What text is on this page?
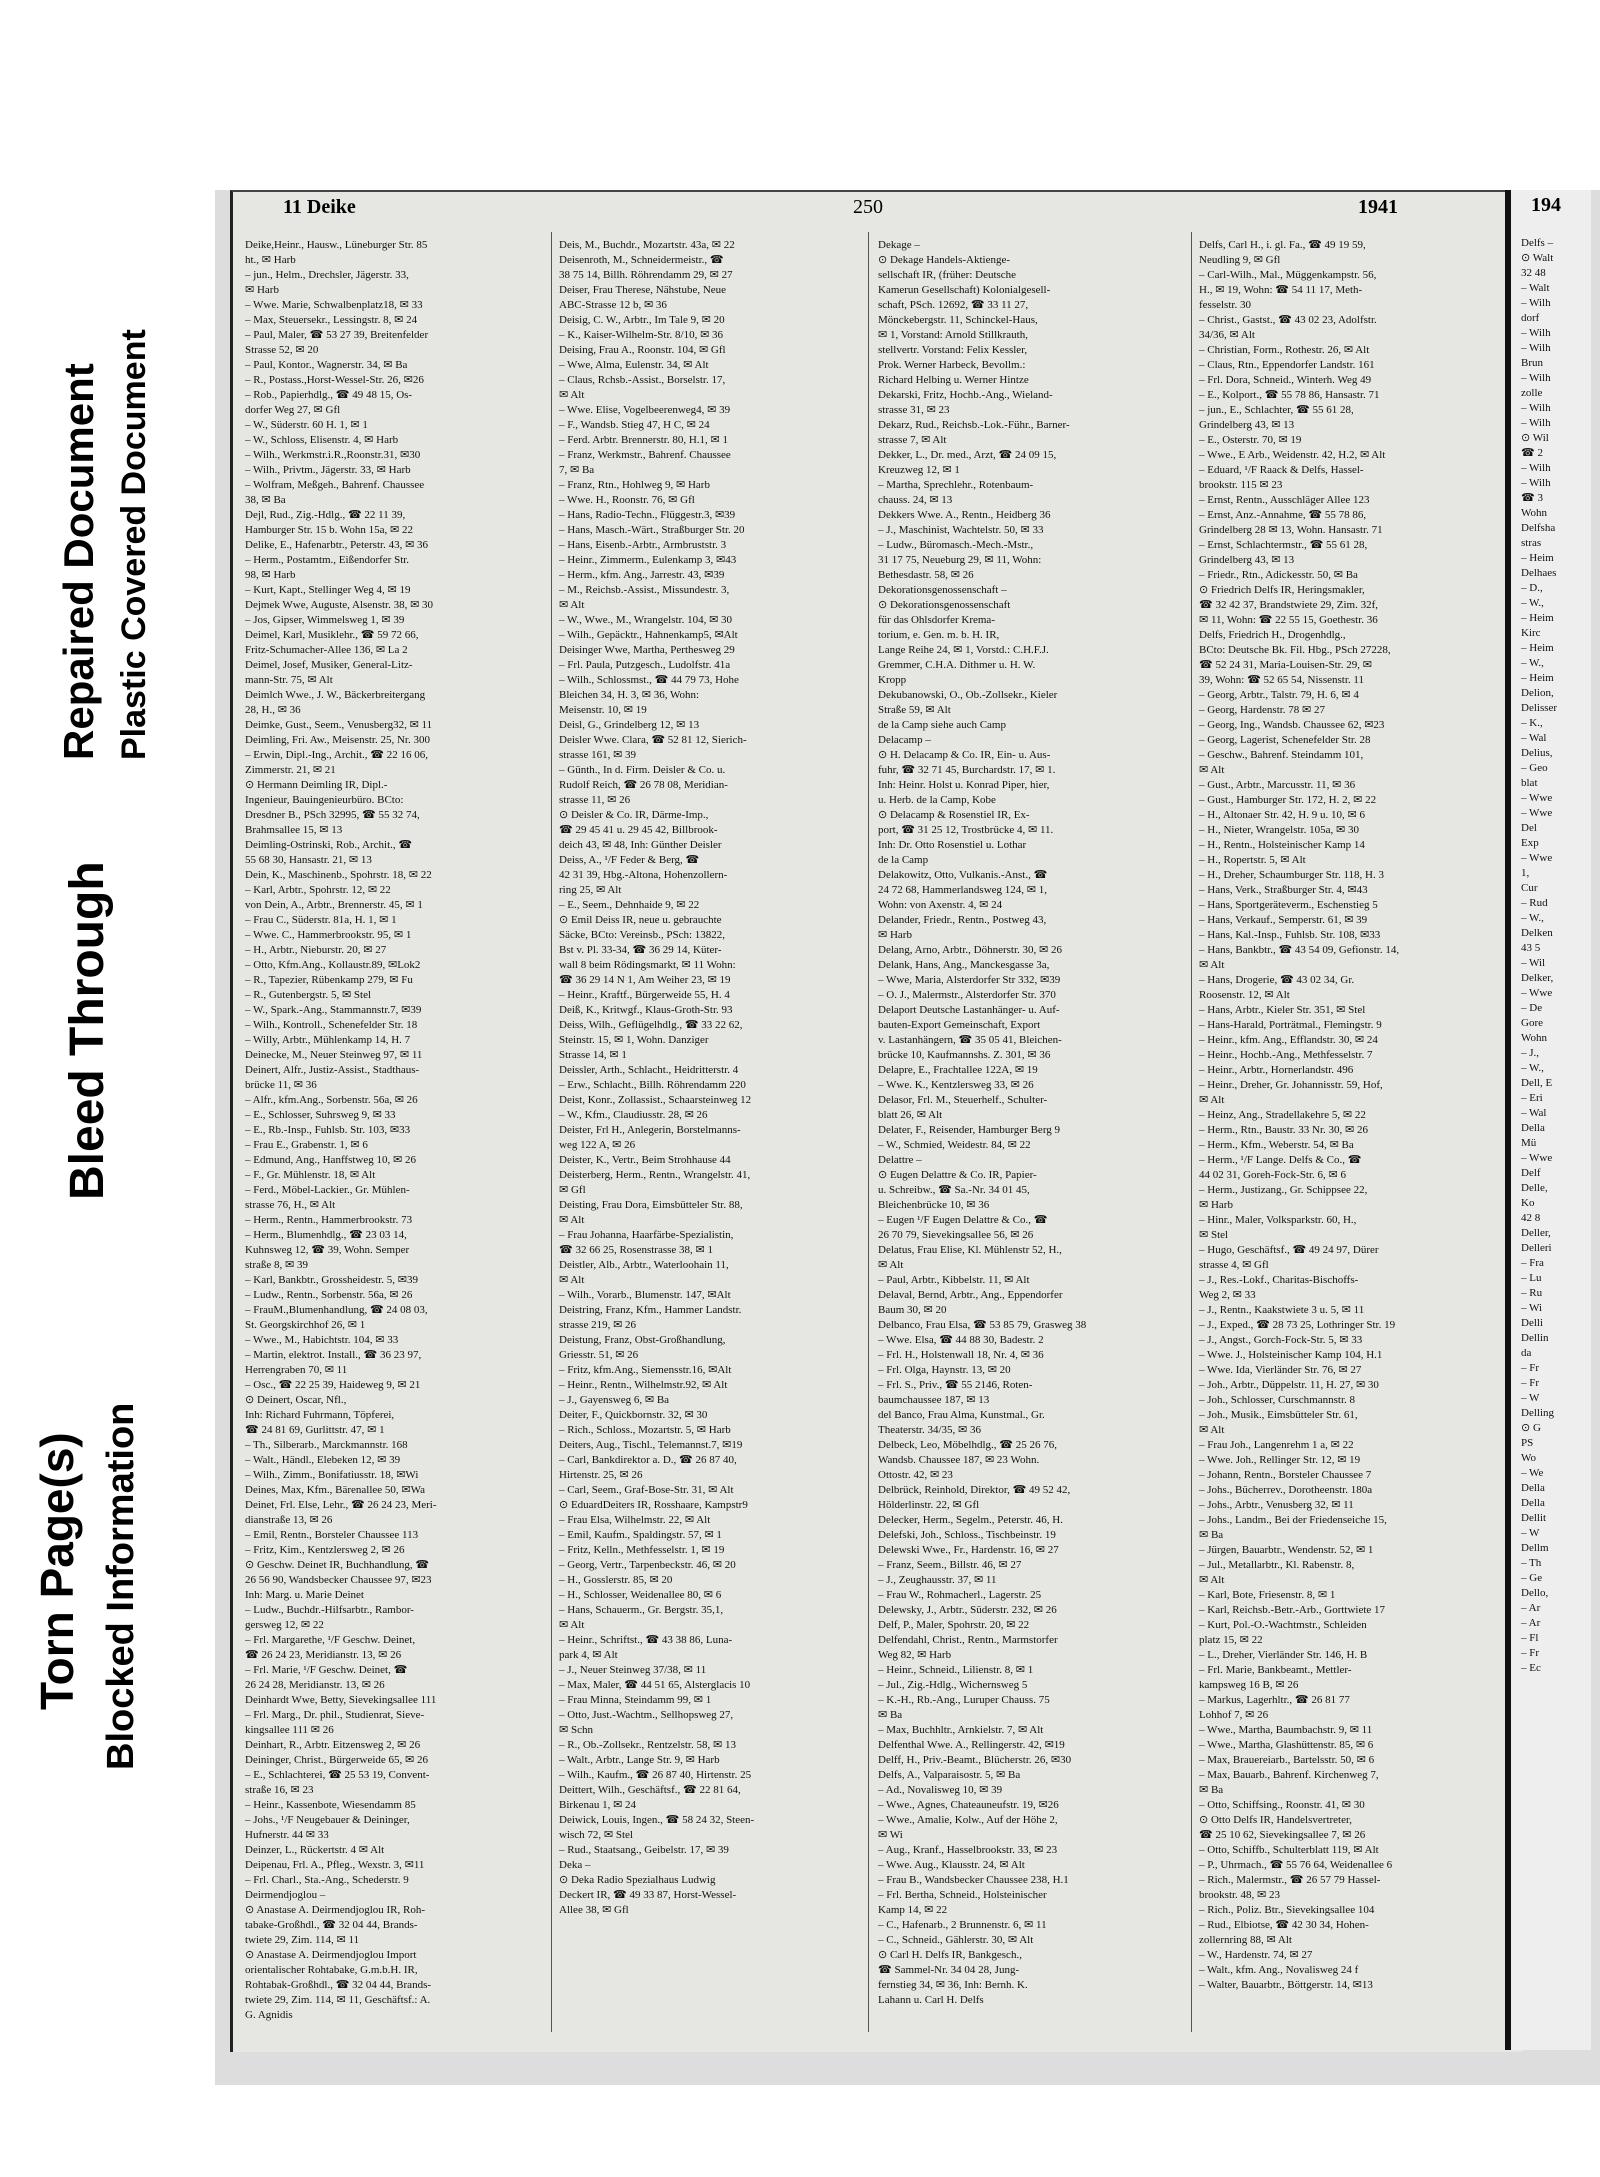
Torn Page(s) Blocked Information
Bleed Through
Repaired Document Plastic Covered Document
11 Deike	250	1941

Deike,Heinr., Hausw., Lüneburger Str. 85

ht., ✉ Harb

– jun., Helm., Drechsler, Jägerstr. 33,

✉ Harb

– Wwe. Marie, Schwalbenplatz18, ✉ 33

– Max, Steuersekr., Lessingstr. 8, ✉ 24

– Paul, Maler, ☎ 53 27 39, Breitenfelder

Strasse 52, ✉ 20

– Paul, Kontor., Wagnerstr. 34, ✉ Ba

– R., Postass.,Horst-Wessel-Str. 26, ✉26

– Rob., Papierhdlg., ☎ 49 48 15, Os-

dorfer Weg 27, ✉ Gfl

– W., Süderstr. 60 H. 1, ✉ 1

– W., Schloss, Elisenstr. 4, ✉ Harb

– Wilh., Werkmstr.i.R.,Roonstr.31, ✉30

– Wilh., Privtm., Jägerstr. 33, ✉ Harb

– Wolfram, Meßgeh., Bahrenf. Chaussee

38, ✉ Ba

Dejl, Rud., Zig.-Hdlg., ☎ 22 11 39,

Hamburger Str. 15 b. Wohn 15a, ✉ 22

Delike, E., Hafenarbtr., Peterstr. 43, ✉ 36

– Herm., Postamtm., Eißendorfer Str.

98, ✉ Harb

– Kurt, Kapt., Stellinger Weg 4, ✉ 19

Dejmek Wwe, Auguste, Alsenstr. 38, ✉ 30

– Jos, Gipser, Wimmelsweg 1, ✉ 39

Deimel, Karl, Musiklehr., ☎ 59 72 66,

Fritz-Schumacher-Allee 136, ✉ La 2

Deimel, Josef, Musiker, General-Litz-

mann-Str. 75, ✉ Alt

Deimlch Wwe., J. W., Bäckerbreitergang

28, H., ✉ 36

Deimke, Gust., Seem., Venusberg32, ✉ 11

Deimling, Fri. Aw., Meisenstr. 25, Nr. 300

– Erwin, Dipl.-Ing., Archit., ☎ 22 16 06,

Zimmerstr. 21, ✉ 21

⊙ Hermann Deimling IR, Dipl.-

Ingenieur, Bauingenieurbüro. BCto:

Dresdner B., PSch 32995, ☎ 55 32 74,

Brahmsallee 15, ✉ 13

Deimling-Ostrinski, Rob., Archit., ☎

55 68 30, Hansastr. 21, ✉ 13

Dein, K., Maschinenb., Spohrstr. 18, ✉ 22

– Karl, Arbtr., Spohrstr. 12, ✉ 22

von Dein, A., Arbtr., Brennerstr. 45, ✉ 1

– Frau C., Süderstr. 81a, H. 1, ✉ 1

– Wwe. C., Hammerbrookstr. 95, ✉ 1

– H., Arbtr., Nieburstr. 20, ✉ 27

– Otto, Kfm.Ang., Kollaustr.89, ✉Lok2

– R., Tapezier, Rübenkamp 279, ✉ Fu

– R., Gutenbergstr. 5, ✉ Stel

– W., Spark.-Ang., Stammannstr.7, ✉39

– Wilh., Kontroll., Schenefelder Str. 18

– Willy, Arbtr., Mühlenkamp 14, H. 7

Deinecke, M., Neuer Steinweg 97, ✉ 11

Deinert, Alfr., Justiz-Assist., Stadthaus-

brücke 11, ✉ 36

– Alfr., kfm.Ang., Sorbenstr. 56a, ✉ 26

– E., Schlosser, Suhrsweg 9, ✉ 33

– E., Rb.-Insp., Fuhlsb. Str. 103, ✉33

– Frau E., Grabenstr. 1, ✉ 6

– Edmund, Ang., Hanffstweg 10, ✉ 26

– F., Gr. Mühlenstr. 18, ✉ Alt

– Ferd., Möbel-Lackier., Gr. Mühlen-

strasse 76, H., ✉ Alt

– Herm., Rentn., Hammerbrookstr. 73

– Herm., Blumenhdlg., ☎ 23 03 14,

Kuhnsweg 12, ☎ 39, Wohn. Semper

straße 8, ✉ 39

– Karl, Bankbtr., Grossheidestr. 5, ✉39

– Ludw., Rentn., Sorbenstr. 56a, ✉ 26

– FrauM.,Blumenhandlung, ☎ 24 08 03,

St. Georgskirchhof 26, ✉ 1

– Wwe., M., Habichtstr. 104, ✉ 33

– Martin, elektrot. Install., ☎ 36 23 97,

Herrengraben 70, ✉ 11

– Osc., ☎ 22 25 39, Haideweg 9, ✉ 21

⊙ Deinert, Oscar, Nfl.,

Inh: Richard Fuhrmann, Töpferei,

☎ 24 81 69, Gurlittstr. 47, ✉ 1

– Th., Silberarb., Marckmannstr. 168

– Walt., Händl., Elebeken 12, ✉ 39

– Wilh., Zimm., Bonifatiusstr. 18, ✉Wi

Deines, Max, Kfm., Bärenallee 50, ✉Wa

Deinet, Frl. Else, Lehr., ☎ 26 24 23, Meri-

dianstraße 13, ✉ 26

– Emil, Rentn., Borsteler Chaussee 113

– Fritz, Kim., Kentzlersweg 2, ✉ 26

⊙ Geschw. Deinet IR, Buchhandlung, ☎

26 56 90, Wandsbecker Chaussee 97, ✉23

Inh: Marg. u. Marie Deinet

– Ludw., Buchdr.-Hilfsarbtr., Rambor-

gersweg 12, ✉ 22

– Frl. Margarethe, ¹/F Geschw. Deinet,

☎ 26 24 23, Meridianstr. 13, ✉ 26

– Frl. Marie, ¹/F Geschw. Deinet, ☎

26 24 28, Meridianstr. 13, ✉ 26

Deinhardt Wwe, Betty, Sievekingsallee 111

– Frl. Marg., Dr. phil., Studienrat, Sieve-

kingsallee 111 ✉ 26

Deinhart, R., Arbtr. Eitzensweg 2, ✉ 26

Deininger, Christ., Bürgerweide 65, ✉ 26

– E., Schlachterei, ☎ 25 53 19, Convent-

straße 16, ✉ 23

– Heinr., Kassenbote, Wiesendamm 85

– Johs., ¹/F Neugebauer & Deininger,

Hufnerstr. 44 ✉ 33

Deinzer, L., Rückertstr. 4 ✉ Alt

Deipenau, Frl. A., Pfleg., Wexstr. 3, ✉11

– Frl. Charl., Sta.-Ang., Schederstr. 9

Deirmendjoglou –

⊙ Anastase A. Deirmendjoglou IR, Roh-

tabake-Großhdl., ☎ 32 04 44, Brands-

twiete 29, Zim. 114, ✉ 11

⊙ Anastase A. Deirmendjoglou Import

orientalischer Rohtabake, G.m.b.H. IR,

Rohtabak-Großhdl., ☎ 32 04 44, Brands-

twiete 29, Zim. 114, ✉ 11, Geschäftsf.: A.

G. Agnidis

Deis, M., Buchdr., Mozartstr. 43a, ✉ 22

Deisenroth, M., Schneidermeistr., ☎

38 75 14, Billh. Röhrendamm 29, ✉ 27

Deiser, Frau Therese, Nähstube, Neue

ABC-Strasse 12 b, ✉ 36

Deisig, C. W., Arbtr., Im Tale 9, ✉ 20

– K., Kaiser-Wilhelm-Str. 8/10, ✉ 36

Deising, Frau A., Roonstr. 104, ✉ Gfl

– Wwe, Alma, Eulenstr. 34, ✉ Alt

– Claus, Rchsb.-Assist., Borselstr. 17,

✉ Alt

– Wwe. Elise, Vogelbeerenweg4, ✉ 39

– F., Wandsb. Stieg 47, H C, ✉ 24

– Ferd. Arbtr. Brennerstr. 80, H.1, ✉ 1

– Franz, Werkmstr., Bahrenf. Chaussee

7, ✉ Ba

– Franz, Rtn., Hohlweg 9, ✉ Harb

– Wwe. H., Roonstr. 76, ✉ Gfl

– Hans, Radio-Techn., Flüggestr.3, ✉39

– Hans, Masch.-Wärt., Straßburger Str. 20

– Hans, Eisenb.-Arbtr., Armbruststr. 3

– Heinr., Zimmerm., Eulenkamp 3, ✉43

– Herm., kfm. Ang., Jarrestr. 43, ✉39

– M., Reichsb.-Assist., Missundestr. 3,

✉ Alt

– W., Wwe., M., Wrangelstr. 104, ✉ 30

– Wilh., Gepäcktr., Hahnenkamp5, ✉Alt

Deisinger Wwe, Martha, Perthesweg 29

– Frl. Paula, Putzgesch., Ludolfstr. 41a

– Wilh., Schlossmst., ☎ 44 79 73, Hohe

Bleichen 34, H. 3, ✉ 36, Wohn:

Meisenstr. 10, ✉ 19

Deisl, G., Grindelberg 12, ✉ 13

Deisler Wwe. Clara, ☎ 52 81 12, Sierich-

strasse 161, ✉ 39

– Günth., In d. Firm. Deisler & Co. u.

Rudolf Reich, ☎ 26 78 08, Meridian-

strasse 11, ✉ 26

⊙ Deisler & Co. IR, Därme-Imp.,

☎ 29 45 41 u. 29 45 42, Billbrook-

deich 43, ✉ 48, Inh: Günther Deisler

Deiss, A., ¹/F Feder & Berg, ☎

42 31 39, Hbg.-Altona, Hohenzollern-

ring 25, ✉ Alt

– E., Seem., Dehnhaide 9, ✉ 22

⊙ Emil Deiss IR, neue u. gebrauchte

Säcke, BCto: Vereinsb., PSch: 13822,

Bst v. Pl. 33-34, ☎ 36 29 14, Küter-

wall 8 beim Rödingsmarkt, ✉ 11 Wohn:

☎ 36 29 14 N 1, Am Weiher 23, ✉ 19

– Heinr., Kraftf., Bürgerweide 55, H. 4

Deiß, K., Kritwgf., Klaus-Groth-Str. 93

Deiss, Wilh., Geflügelhdlg., ☎ 33 22 62,

Steinstr. 15, ✉ 1, Wohn. Danziger

Strasse 14, ✉ 1

Deissler, Arth., Schlacht., Heidritterstr. 4

– Erw., Schlacht., Billh. Röhrendamm 220

Deist, Konr., Zollassist., Schaarsteinweg 12

– W., Kfm., Claudiusstr. 28, ✉ 26

Deister, Frl H., Anlegerin, Borstelmanns-

weg 122 A, ✉ 26

Deister, K., Vertr., Beim Strohhause 44

Deisterberg, Herm., Rentn., Wrangelstr. 41,

✉ Gfl

Deisting, Frau Dora, Eimsbütteler Str. 88,

✉ Alt

– Frau Johanna, Haarfärbe-Spezialistin,

☎ 32 66 25, Rosenstrasse 38, ✉ 1

Deistler, Alb., Arbtr., Waterloohain 11,

✉ Alt

– Wilh., Vorarb., Blumenstr. 147, ✉Alt

Deistring, Franz, Kfm., Hammer Landstr.

strasse 219, ✉ 26

Deistung, Franz, Obst-Großhandlung,

Griesstr. 51, ✉ 26

– Fritz, kfm.Ang., Siemensstr.16, ✉Alt

– Heinr., Rentn., Wilhelmstr.92, ✉ Alt

– J., Gayensweg 6, ✉ Ba

Deiter, F., Quickbornstr. 32, ✉ 30

– Rich., Schloss., Mozartstr. 5, ✉ Harb

Deiters, Aug., Tischl., Telemannst.7, ✉19

– Carl, Bankdirektor a. D., ☎ 26 87 40,

Hirtenstr. 25, ✉ 26

– Carl, Seem., Graf-Bose-Str. 31, ✉ Alt

⊙ EduardDeiters IR, Rosshaare, Kampstr9

– Frau Elsa, Wilhelmstr. 22, ✉ Alt

– Emil, Kaufm., Spaldingstr. 57, ✉ 1

– Fritz, Kelln., Methfesselstr. 1, ✉ 19

– Georg, Vertr., Tarpenbeckstr. 46, ✉ 20

– H., Gosslerstr. 85, ✉ 20

– H., Schlosser, Weidenallee 80, ✉ 6

– Hans, Schauerm., Gr. Bergstr. 35,1,

✉ Alt

– Heinr., Schriftst., ☎ 43 38 86, Luna-

park 4, ✉ Alt

– J., Neuer Steinweg 37/38, ✉ 11

– Max, Maler, ☎ 44 51 65, Alsterglacis 10

– Frau Minna, Steindamm 99, ✉ 1

– Otto, Just.-Wachtm., Sellhopsweg 27,

✉ Schn

– R., Ob.-Zollsekr., Rentzelstr. 58, ✉ 13

– Walt., Arbtr., Lange Str. 9, ✉ Harb

– Wilh., Kaufm., ☎ 26 87 40, Hirtenstr. 25

Deittert, Wilh., Geschäftsf., ☎ 22 81 64,

Birkenau 1, ✉ 24

Deiwick, Louis, Ingen., ☎ 58 24 32, Steen-

wisch 72, ✉ Stel

– Rud., Staatsang., Geibelstr. 17, ✉ 39

Deka –

⊙ Deka Radio Spezialhaus Ludwig

Deckert IR, ☎ 49 33 87, Horst-Wessel-

Allee 38, ✉ Gfl

Dekage –

⊙ Dekage Handels-Aktienge-

sellschaft IR, (früher: Deutsche

Kamerun Gesellschaft) Kolonialgesell-

schaft, PSch. 12692, ☎ 33 11 27,

Mönckebergstr. 11, Schinckel-Haus,

✉ 1, Vorstand: Arnold Stillkrauth,

stellvertr. Vorstand: Felix Kessler,

Prok. Werner Harbeck, Bevollm.:

Richard Helbing u. Werner Hintze

Dekarski, Fritz, Hochb.-Ang., Wieland-

strasse 31, ✉ 23

Dekarz, Rud., Reichsb.-Lok.-Führ., Barner-

strasse 7, ✉ Alt

Dekker, L., Dr. med., Arzt, ☎ 24 09 15,

Kreuzweg 12, ✉ 1

– Martha, Sprechlehr., Rotenbaum-

chauss. 24, ✉ 13

Dekkers Wwe. A., Rentn., Heidberg 36

– J., Maschinist, Wachtelstr. 50, ✉ 33

– Ludw., Büromasch.-Mech.-Mstr.,

31 17 75, Neueburg 29, ✉ 11, Wohn:

Bethesdastr. 58, ✉ 26

Dekorationsgenossenschaft –

⊙ Dekorationsgenossenschaft

für das Ohlsdorfer Krema-

torium, e. Gen. m. b. H. IR,

Lange Reihe 24, ✉ 1, Vorstd.: C.H.F.J.

Gremmer, C.H.A. Dithmer u. H. W.

Kropp

Dekubanowski, O., Ob.-Zollsekr., Kieler

Straße 59, ✉ Alt

de la Camp siehe auch Camp

Delacamp –

⊙ H. Delacamp & Co. IR, Ein- u. Aus-

fuhr, ☎ 32 71 45, Burchardstr. 17, ✉ 1.

Inh: Heinr. Holst u. Konrad Piper, hier,

u. Herb. de la Camp, Kobe

⊙ Delacamp & Rosenstiel IR, Ex-

port, ☎ 31 25 12, Trostbrücke 4, ✉ 11.

Inh: Dr. Otto Rosenstiel u. Lothar

de la Camp

Delakowitz, Otto, Vulkanis.-Anst., ☎

24 72 68, Hammerlandsweg 124, ✉ 1,

Wohn: von Axenstr. 4, ✉ 24

Delander, Friedr., Rentn., Postweg 43,

✉ Harb

Delang, Arno, Arbtr., Döhnerstr. 30, ✉ 26

Delank, Hans, Ang., Manckesgasse 3a,

– Wwe, Maria, Alsterdorfer Str 332, ✉39

– O. J., Malermstr., Alsterdorfer Str. 370

Delaport Deutsche Lastanhänger- u. Auf-

bauten-Export Gemeinschaft, Export

v. Lastanhängern, ☎ 35 05 41, Bleichen-

brücke 10, Kaufmannshs. Z. 301, ✉ 36

Delapre, E., Frachtallee 122A, ✉ 19

– Wwe. K., Kentzlersweg 33, ✉ 26

Delasor, Frl. M., Steuerhelf., Schulter-

blatt 26, ✉ Alt

Delater, F., Reisender, Hamburger Berg 9

– W., Schmied, Weidestr. 84, ✉ 22

Delattre –

⊙ Eugen Delattre & Co. IR, Papier-

u. Schreibw., ☎ Sa.-Nr. 34 01 45,

Bleichenbrücke 10, ✉ 36

– Eugen ¹/F Eugen Delattre & Co., ☎

26 70 79, Sievekingsallee 56, ✉ 26

Delatus, Frau Elise, Kl. Mühlenstr 52, H.,

✉ Alt

– Paul, Arbtr., Kibbelstr. 11, ✉ Alt

Delaval, Bernd, Arbtr., Ang., Eppendorfer

Baum 30, ✉ 20

Delbanco, Frau Elsa, ☎ 53 85 79, Grasweg 38

– Wwe. Elsa, ☎ 44 88 30, Badestr. 2

– Frl. H., Holstenwall 18, Nr. 4, ✉ 36

– Frl. Olga, Haynstr. 13, ✉ 20

– Frl. S., Priv., ☎ 55 2146, Roten-

baumchaussee 187, ✉ 13

del Banco, Frau Alma, Kunstmal., Gr.

Theaterstr. 34/35, ✉ 36

Delbeck, Leo, Möbelhdlg., ☎ 25 26 76,

Wandsb. Chaussee 187, ✉ 23 Wohn.

Ottostr. 42, ✉ 23

Delbrück, Reinhold, Direktor, ☎ 49 52 42,

Hölderlinstr. 22, ✉ Gfl

Delecker, Herm., Segelm., Peterstr. 46, H.

Delefski, Joh., Schloss., Tischbeinstr. 19

Delewski Wwe., Fr., Hardenstr. 16, ✉ 27

– Franz, Seem., Billstr. 46, ✉ 27

– J., Zeughausstr. 37, ✉ 11

– Frau W., Rohmacherl., Lagerstr. 25

Delewsky, J., Arbtr., Süderstr. 232, ✉ 26

Delf, P., Maler, Spohrstr. 20, ✉ 22

Delfendahl, Christ., Rentn., Marmstorfer

Weg 82, ✉ Harb

– Heinr., Schneid., Lilienstr. 8, ✉ 1

– Jul., Zig.-Hdlg., Wichernsweg 5

– K.-H., Rb.-Ang., Luruper Chauss. 75

✉ Ba

– Max, Buchhltr., Arnkielstr. 7, ✉ Alt

Delfenthal Wwe. A., Rellingerstr. 42, ✉19

Delff, H., Priv.-Beamt., Blücherstr. 26, ✉30

Delfs, A., Valparaisostr. 5, ✉ Ba

– Ad., Novalisweg 10, ✉ 39

– Wwe., Agnes, Chateauneufstr. 19, ✉26

– Wwe., Amalie, Kolw., Auf der Höhe 2,

✉ Wi

– Aug., Kranf., Hasselbrookstr. 33, ✉ 23

– Wwe. Aug., Klausstr. 24, ✉ Alt

– Frau B., Wandsbecker Chaussee 238, H.1

– Frl. Bertha, Schneid., Holsteinischer

Kamp 14, ✉ 22

– C., Hafenarb., 2 Brunnenstr. 6, ✉ 11

– C., Schneid., Gählerstr. 30, ✉ Alt

⊙ Carl H. Delfs IR, Bankgesch.,

☎ Sammel-Nr. 34 04 28, Jung-

fernstieg 34, ✉ 36, Inh: Bernh. K.

Lahann u. Carl H. Delfs

Delfs, Carl H., i. gl. Fa., ☎ 49 19 59,

Neudling 9, ✉ Gfl

– Carl-Wilh., Mal., Müggenkampstr. 56,

H., ✉ 19, Wohn: ☎ 54 11 17, Meth-

fesselstr. 30

– Christ., Gastst., ☎ 43 02 23, Adolfstr.

34/36, ✉ Alt

– Christian, Form., Rothestr. 26, ✉ Alt

– Claus, Rtn., Eppendorfer Landstr. 161

– Frl. Dora, Schneid., Winterh. Weg 49

– E., Kolport., ☎ 55 78 86, Hansastr. 71

– jun., E., Schlachter, ☎ 55 61 28,

Grindelberg 43, ✉ 13

– E., Osterstr. 70, ✉ 19

– Wwe., E Arb., Weidenstr. 42, H.2, ✉ Alt

– Eduard, ¹/F Raack & Delfs, Hassel-

brookstr. 115 ✉ 23

– Ernst, Rentn., Ausschläger Allee 123

– Ernst, Anz.-Annahme, ☎ 55 78 86,

Grindelberg 28 ✉ 13, Wohn. Hansastr. 71

– Ernst, Schlachtermstr., ☎ 55 61 28,

Grindelberg 43, ✉ 13

– Friedr., Rtn., Adickesstr. 50, ✉ Ba

⊙ Friedrich Delfs IR, Heringsmakler,

☎ 32 42 37, Brandstwiete 29, Zim. 32f,

✉ 11, Wohn: ☎ 22 55 15, Goethestr. 36

Delfs, Friedrich H., Drogenhdlg.,

BCto: Deutsche Bk. Fil. Hbg., PSch 27228,

☎ 52 24 31, Maria-Louisen-Str. 29, ✉

39, Wohn: ☎ 52 65 54, Nissenstr. 11

– Georg, Arbtr., Talstr. 79, H. 6, ✉ 4

– Georg, Hardenstr. 78 ✉ 27

– Georg, Ing., Wandsb. Chaussee 62, ✉23

– Georg, Lagerist, Schenefelder Str. 28

– Geschw., Bahrenf. Steindamm 101,

✉ Alt

– Gust., Arbtr., Marcusstr. 11, ✉ 36

– Gust., Hamburger Str. 172, H. 2, ✉ 22

– H., Altonaer Str. 42, H. 9 u. 10, ✉ 6

– H., Nieter, Wrangelstr. 105a, ✉ 30

– H., Rentn., Holsteinischer Kamp 14

– H., Ropertstr. 5, ✉ Alt

– H., Dreher, Schaumburger Str. 118, H. 3

– Hans, Verk., Straßburger Str. 4, ✉43

– Hans, Sportgeräteverm., Eschenstieg 5

– Hans, Verkauf., Semperstr. 61, ✉ 39

– Hans, Kal.-Insp., Fuhlsb. Str. 108, ✉33

– Hans, Bankbtr., ☎ 43 54 09, Gefionstr. 14,

✉ Alt

– Hans, Drogerie, ☎ 43 02 34, Gr.

Roosenstr. 12, ✉ Alt

– Hans, Arbtr., Kieler Str. 351, ✉ Stel

– Hans-Harald, Porträtmal., Flemingstr. 9

– Heinr., kfm. Ang., Efflandstr. 30, ✉ 24

– Heinr., Hochb.-Ang., Methfesselstr. 7

– Heinr., Arbtr., Hornerlandstr. 496

– Heinr., Dreher, Gr. Johannisstr. 59, Hof,

✉ Alt

– Heinz, Ang., Stradellakehre 5, ✉ 22

– Herm., Rtn., Baustr. 33 Nr. 30, ✉ 26

– Herm., Kfm., Weberstr. 54, ✉ Ba

– Herm., ¹/F Lange. Delfs & Co., ☎

44 02 31, Goreh-Fock-Str. 6, ✉ 6

– Herm., Justizang., Gr. Schippsee 22,

✉ Harb

– Hinr., Maler, Volksparkstr. 60, H.,

✉ Stel

– Hugo, Geschäftsf., ☎ 49 24 97, Dürer

strasse 4, ✉ Gfl

– J., Res.-Lokf., Charitas-Bischoffs-

Weg 2, ✉ 33

– J., Rentn., Kaakstwiete 3 u. 5, ✉ 11

– J., Exped., ☎ 28 73 25, Lothringer Str. 19

– J., Angst., Gorch-Fock-Str. 5, ✉ 33

– Wwe. J., Holsteinischer Kamp 104, H.1

– Wwe. Ida, Vierländer Str. 76, ✉ 27

– Joh., Arbtr., Düppelstr. 11, H. 27, ✉ 30

– Joh., Schlosser, Curschmannstr. 8

– Joh., Musik., Eimsbütteler Str. 61,

✉ Alt

– Frau Joh., Langenrehm 1 a, ✉ 22

– Wwe. Joh., Rellinger Str. 12, ✉ 19

– Johann, Rentn., Borsteler Chaussee 7

– Johs., Bücherrev., Dorotheenstr. 180a

– Johs., Arbtr., Venusberg 32, ✉ 11

– Johs., Landm., Bei der Friedenseiche 15,

✉ Ba

– Jürgen, Bauarbtr., Wendenstr. 52, ✉ 1

– Jul., Metallarbtr., Kl. Rabenstr. 8,

✉ Alt

– Karl, Bote, Friesenstr. 8, ✉ 1

– Karl, Reichsb.-Betr.-Arb., Gorttwiete 17

– Kurt, Pol.-O.-Wachtmstr., Schleiden

platz 15, ✉ 22

– L., Dreher, Vierländer Str. 146, H. B

– Frl. Marie, Bankbeamt., Mettler-

kampsweg 16 B, ✉ 26

– Markus, Lagerhltr., ☎ 26 81 77

Lohhof 7, ✉ 26

– Wwe., Martha, Baumbachstr. 9, ✉ 11

– Wwe., Martha, Glashüttenstr. 85, ✉ 6

– Max, Brauereiarb., Bartelsstr. 50, ✉ 6

– Max, Bauarb., Bahrenf. Kirchenweg 7,

✉ Ba

– Otto, Schiffsing., Roonstr. 41, ✉ 30

⊙ Otto Delfs IR, Handelsvertreter,

☎ 25 10 62, Sievekingsallee 7, ✉ 26

– Otto, Schiffb., Schulterblatt 119, ✉ Alt

– P., Uhrmach., ☎ 55 76 64, Weidenallee 6

– Rich., Malermstr., ☎ 26 57 79 Hassel-

brookstr. 48, ✉ 23

– Rich., Poliz. Btr., Sievekingsallee 104

– Rud., Elbiotse, ☎ 42 30 34, Hohen-

zollernring 88, ✉ Alt

– W., Hardenstr. 74, ✉ 27

– Walt., kfm. Ang., Novalisweg 24 f

– Walter, Bauarbtr., Böttgerstr. 14, ✉13

194

Delfs –

⊙ Walt

32 48

– Walt

– Wilh

dorf

– Wilh

– Wilh

Brun

– Wilh

zolle

– Wilh

– Wilh

⊙ Wil

☎ 2

– Wilh

– Wilh

☎ 3

Wohn

Delfsha

stras

– Heim

Delhaes

– D.,

– W.,

– Heim

Kirc

– Heim

– W.,

– Heim

Delion,

Delisser

– K.,

– Wal

Delius,

– Geo

blat

– Wwe

– Wwe

Del

Exp

– Wwe

1,

Cur

– Rud

– W.,

Delken

43 5

– Wil

Delker,

– Wwe

– De

Gore

Wohn

– J.,

– W.,

Dell, E

– Eri

– Wal

Della

Mü

– Wwe

Delf

Delle,

Ko

42 8

Deller,

Delleri

– Fra

– Lu

– Ru

– Wi

Delli

Dellin

da

– Fr

– Fr

– W

Delling

⊙ G

PS

Wo

– We

Della

Della

Dellit

– W

Dellm

– Th

– Ge

Dello,

– Ar

– Ar

– Fl

– Fr

– Ec
